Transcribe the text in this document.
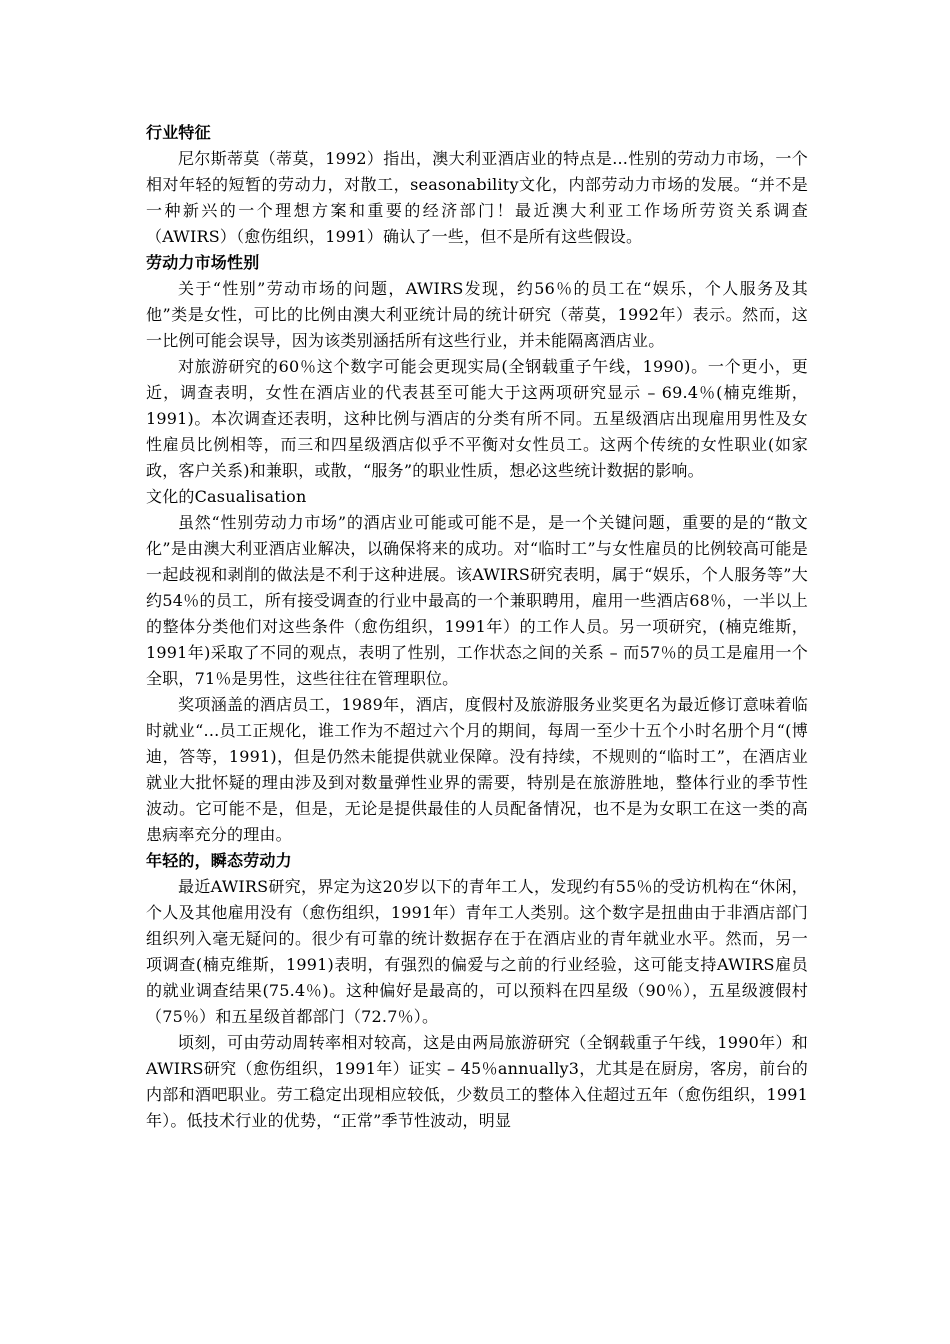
行业特征

尼尔斯蒂莫（蒂莫，1992）指出，澳大利亚酒店业的特点是...性别的劳动力市场，一个相对年轻的短暂的劳动力，对散工，seasonability文化，内部劳动力市场的发展。“并不是一种新兴的一个理想方案和重要的经济部门！最近澳大利亚工作场所劳资关系调查（AWIRS）（愈伤组织，1991）确认了一些，但不是所有这些假设。

劳动力市场性别

关于“性别”劳动市场的问题，AWIRS发现，约56％的员工在“娱乐，个人服务及其他”类是女性，可比的比例由澳大利亚统计局的统计研究（蒂莫，1992年）表示。然而，这一比例可能会误导，因为该类别涵括所有这些行业，并未能隔离酒店业。

对旅游研究的60％这个数字可能会更现实局(全钢载重子午线，1990)。一个更小，更近，调查表明，女性在酒店业的代表甚至可能大于这两项研究显示 – 69.4％(楠克维斯，1991)。本次调查还表明，这种比例与酒店的分类有所不同。五星级酒店出现雇用男性及女性雇员比例相等，而三和四星级酒店似乎不平衡对女性员工。这两个传统的女性职业(如家政，客户关系)和兼职，或散，“服务”的职业性质，想必这些统计数据的影响。

文化的Casualisation

虽然“性别劳动力市场”的酒店业可能或可能不是，是一个关键问题，重要的是的“散文化”是由澳大利亚酒店业解决，以确保将来的成功。对“临时工”与女性雇员的比例较高可能是一起歧视和剥削的做法是不利于这种进展。该AWIRS研究表明，属于“娱乐，个人服务等”大约54％的员工，所有接受调查的行业中最高的一个兼职聘用，雇用一些酒店68％，一半以上的整体分类他们对这些条件（愈伤组织，1991年）的工作人员。另一项研究，(楠克维斯，1991年)采取了不同的观点，表明了性别，工作状态之间的关系 – 而57％的员工是雇用一个全职，71％是男性，这些往往在管理职位。

奖项涵盖的酒店员工，1989年，酒店，度假村及旅游服务业奖更名为最近修订意味着临时就业“...员工正规化，谁工作为不超过六个月的期间，每周一至少十五个小时名册个月“(博迪，答等，1991)，但是仍然未能提供就业保障。没有持续，不规则的“临时工”，在酒店业就业大批怀疑的理由涉及到对数量弹性业界的需要，特别是在旅游胜地，整体行业的季节性波动。它可能不是，但是，无论是提供最佳的人员配备情况，也不是为女职工在这一类的高患病率充分的理由。

年轻的，瞬态劳动力

最近AWIRS研究，界定为这20岁以下的青年工人，发现约有55％的受访机构在“休闲，个人及其他雇用没有（愈伤组织，1991年）青年工人类别。这个数字是扭曲由于非酒店部门组织列入毫无疑问的。很少有可靠的统计数据存在于在酒店业的青年就业水平。然而，另一项调查(楠克维斯，1991)表明，有强烈的偏爱与之前的行业经验，这可能支持AWIRS雇员的就业调查结果(75.4％)。这种偏好是最高的，可以预料在四星级（90％），五星级渡假村（75％）和五星级首都部门（72.7％）。

顷刻，可由劳动周转率相对较高，这是由两局旅游研究（全钢载重子午线，1990年）和AWIRS研究（愈伤组织，1991年）证实 – 45％annually3，尤其是在厨房，客房，前台的内部和酒吧职业。劳工稳定出现相应较低，少数员工的整体入住超过五年（愈伤组织，1991年）。低技术行业的优势，“正常”季节性波动，明显
